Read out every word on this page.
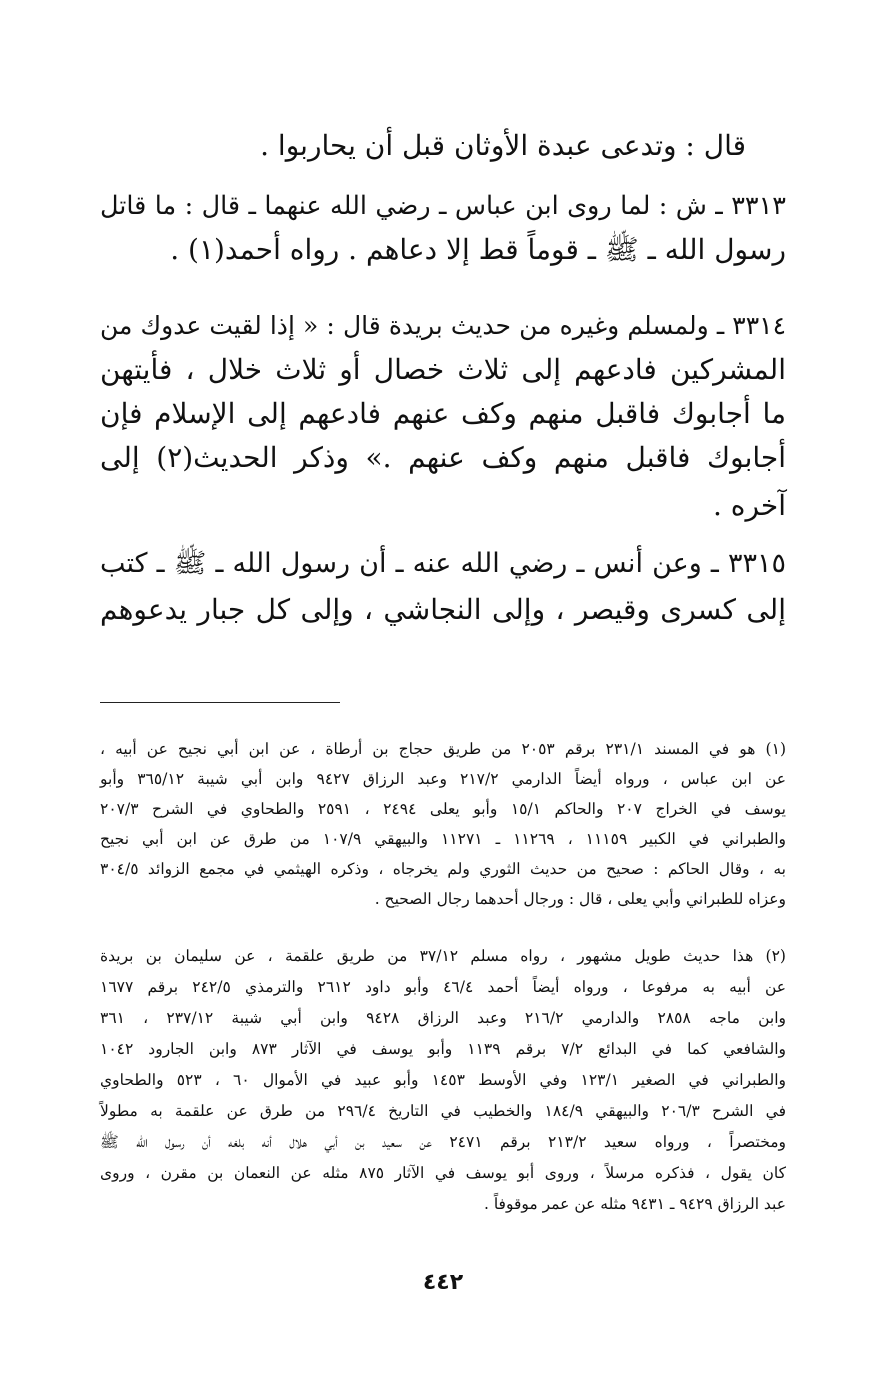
قال : وتدعى عبدة الأوثان قبل أن يحاربوا .
٣٣١٣ ـ ش : لما روى ابن عباس ـ رضي الله عنهما ـ قال : ما قاتل
رسول الله ـ ﷺ ـ قوماً قط إلا دعاهم . رواه أحمد(١) .
٣٣١٤ ـ ولمسلم وغيره من حديث بريدة قال : « إذا لقيت عدوك من
المشركين فادعهم إلى ثلاث خصال أو ثلاث خلال ، فأيتهن
ما أجابوك فاقبل منهم وكف عنهم فادعهم إلى الإسلام فإن
أجابوك فاقبل منهم وكف عنهم .» وذكر الحديث(٢) إلى
آخره .
٣٣١٥ ـ وعن أنس ـ رضي الله عنه ـ أن رسول الله ـ ﷺ ـ كتب
إلى كسرى وقيصر ، وإلى النجاشي ، وإلى كل جبار يدعوهم
(١) هو في المسند ٢٣١/١ برقم ٢٠٥٣ من طريق حجاج بن أرطاة ، عن ابن أبي نجيح عن أبيه ،
عن ابن عباس ، ورواه أيضاً الدارمي ٢١٧/٢ وعبد الرزاق ٩٤٢٧ وابن أبي شيبة ٣٦٥/١٢ وأبو
يوسف في الخراج ٢٠٧ والحاكم ١٥/١ وأبو يعلى ٢٤٩٤ ، ٢٥٩١ والطحاوي في الشرح ٢٠٧/٣
والطبراني في الكبير ١١١٥٩ ، ١١٢٦٩ ـ ١١٢٧١ والبيهقي ١٠٧/٩ من طرق عن ابن أبي نجيح
به ، وقال الحاكم : صحيح من حديث الثوري ولم يخرجاه ، وذكره الهيثمي في مجمع الزوائد ٣٠٤/٥
وعزاه للطبراني وأبي يعلى ، قال : ورجال أحدهما رجال الصحيح .
(٢) هذا حديث طويل مشهور ، رواه مسلم ٣٧/١٢ من طريق علقمة ، عن سليمان بن بريدة
عن أبيه به مرفوعا ، ورواه أيضاً أحمد ٤٦/٤ وأبو داود ٢٦١٢ والترمذي ٢٤٢/٥ برقم ١٦٧٧
وابن ماجه ٢٨٥٨ والدارمي ٢١٦/٢ وعبد الرزاق ٩٤٢٨ وابن أبي شيبة ٢٣٧/١٢ ، ٣٦١
والشافعي كما في البدائع ٧/٢ برقم ١١٣٩ وأبو يوسف في الآثار ٨٧٣ وابن الجارود ١٠٤٢
والطبراني في الصغير ١٢٣/١ وفي الأوسط ١٤٥٣ وأبو عبيد في الأموال ٦٠ ، ٥٢٣ والطحاوي
في الشرح ٢٠٦/٣ والبيهقي ١٨٤/٩ والخطيب في التاريخ ٢٩٦/٤ من طرق عن علقمة به مطولاً
ومختصراً ، ورواه سعيد ٢١٣/٢ برقم ٢٤٧١ عن سعيد بن أبي هلال أنه بلغه أن رسول الله ﷺ
كان يقول ، فذكره مرسلاً ، وروى أبو يوسف في الآثار ٨٧٥ مثله عن النعمان بن مقرن ، وروى
عبد الرزاق ٩٤٢٩ ـ ٩٤٣١ مثله عن عمر موقوفاً .
٤٤٢
